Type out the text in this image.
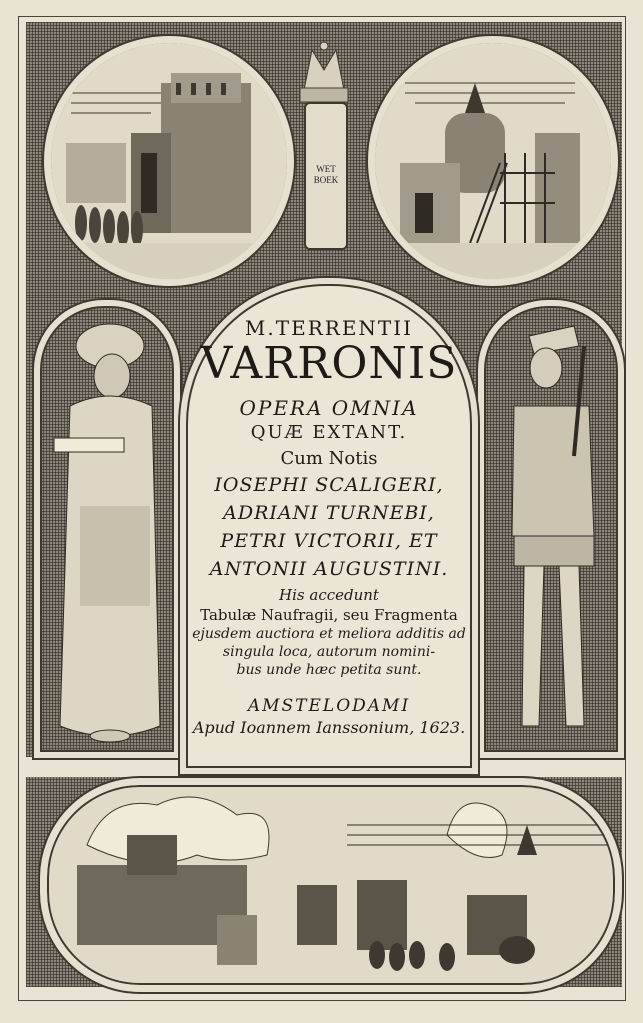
WET
BOEK
M.TERRENTII
VARRONIS
OPERA OMNIA
QUÆ EXTANT.
Cum Notis
IOSEPHI SCALIGERI,
ADRIANI TURNEBI,
PETRI VICTORII, ET
ANTONII AUGUSTINI.
His accedunt
Tabulæ Naufragii, seu Fragmenta
ejusdem auctiora et meliora additis ad
singula loca, autorum nomini-
bus unde hæc petita sunt.
AMSTELODAMI
Apud Ioannem Ianssonium, 1623.
